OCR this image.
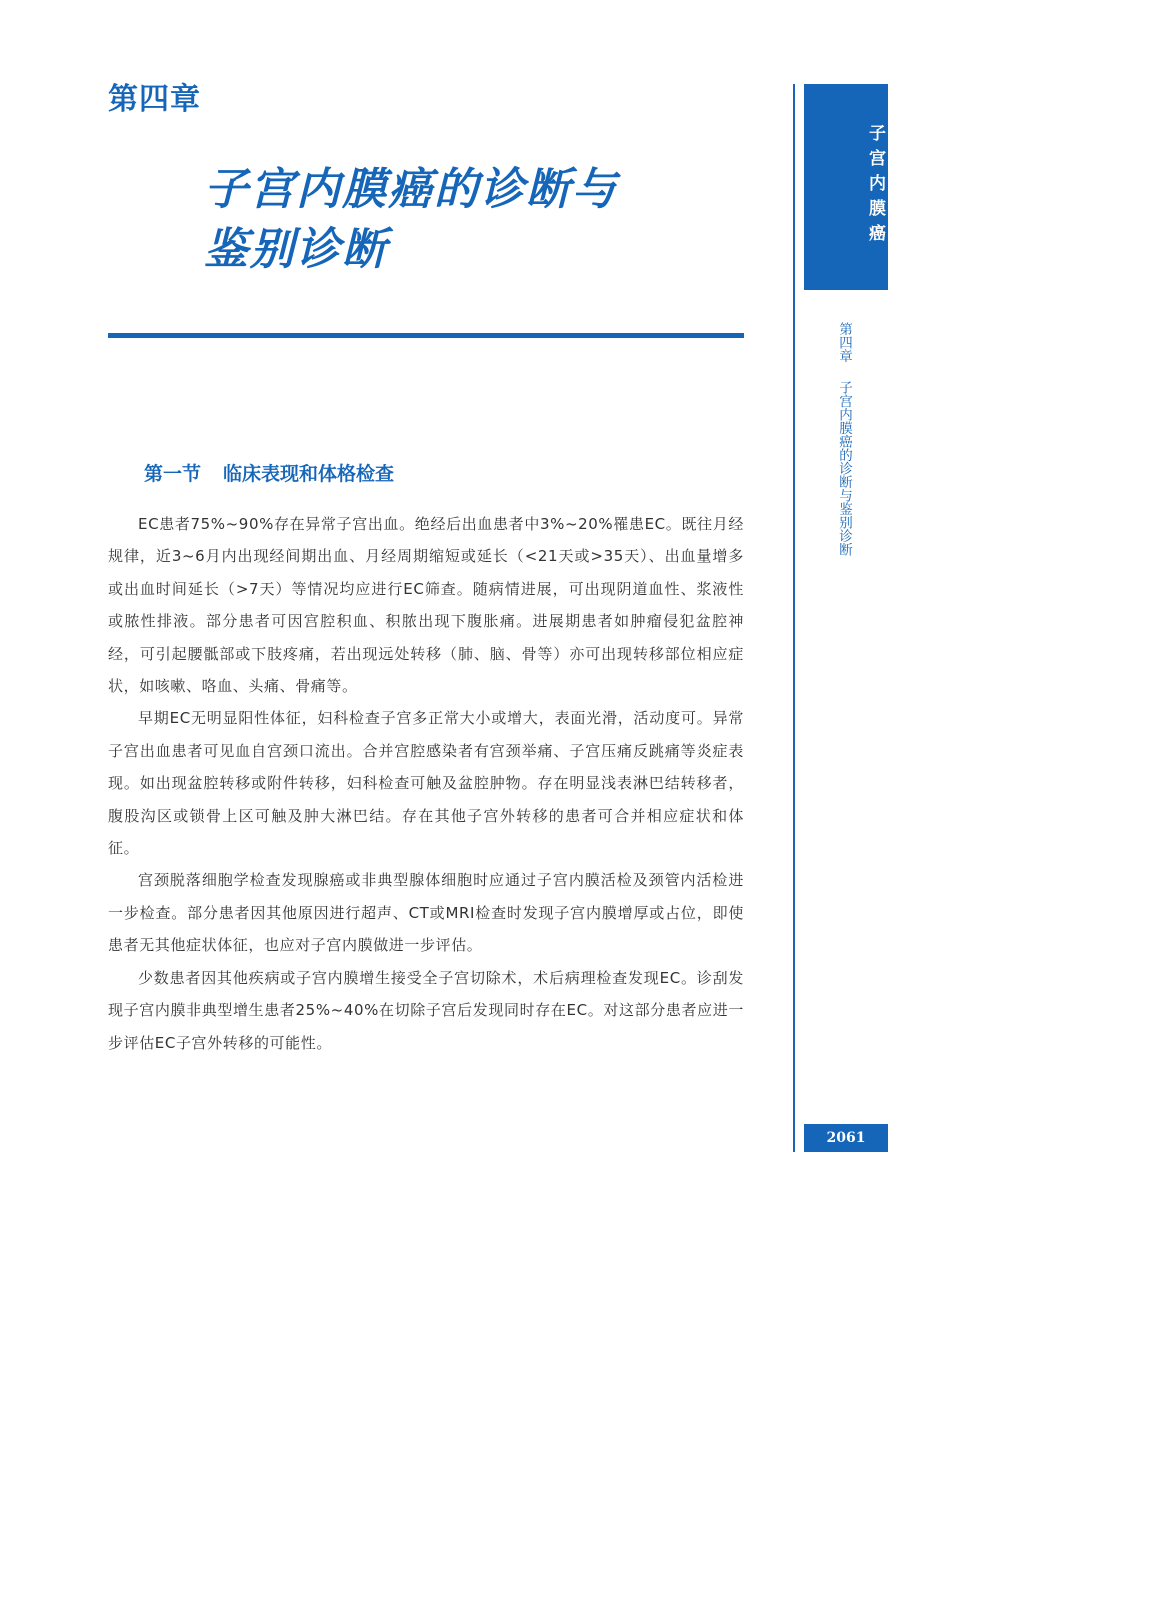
第四章
子宫内膜癌的诊断与
鉴别诊断
第一节 临床表现和体格检查

EC患者75%~90%存在异常子宫出血。绝经后出血患者中3%~20%罹患EC。既往月经规律，近3~6月内出现经间期出血、月经周期缩短或延长（<21天或>35天）、出血量增多或出血时间延长（>7天）等情况均应进行EC筛查。随病情进展，可出现阴道血性、浆液性或脓性排液。部分患者可因宫腔积血、积脓出现下腹胀痛。进展期患者如肿瘤侵犯盆腔神经，可引起腰骶部或下肢疼痛，若出现远处转移（肺、脑、骨等）亦可出现转移部位相应症状，如咳嗽、咯血、头痛、骨痛等。

早期EC无明显阳性体征，妇科检查子宫多正常大小或增大，表面光滑，活动度可。异常子宫出血患者可见血自宫颈口流出。合并宫腔感染者有宫颈举痛、子宫压痛反跳痛等炎症表现。如出现盆腔转移或附件转移，妇科检查可触及盆腔肿物。存在明显浅表淋巴结转移者，腹股沟区或锁骨上区可触及肿大淋巴结。存在其他子宫外转移的患者可合并相应症状和体征。

宫颈脱落细胞学检查发现腺癌或非典型腺体细胞时应通过子宫内膜活检及颈管内活检进一步检查。部分患者因其他原因进行超声、CT或MRI检查时发现子宫内膜增厚或占位，即使患者无其他症状体征，也应对子宫内膜做进一步评估。

少数患者因其他疾病或子宫内膜增生接受全子宫切除术，术后病理检查发现EC。诊刮发现子宫内膜非典型增生患者25%~40%在切除子宫后发现同时存在EC。对这部分患者应进一步评估EC子宫外转移的可能性。

子宫内膜癌
第四章子宫内膜癌的诊断与鉴别诊断
2061
